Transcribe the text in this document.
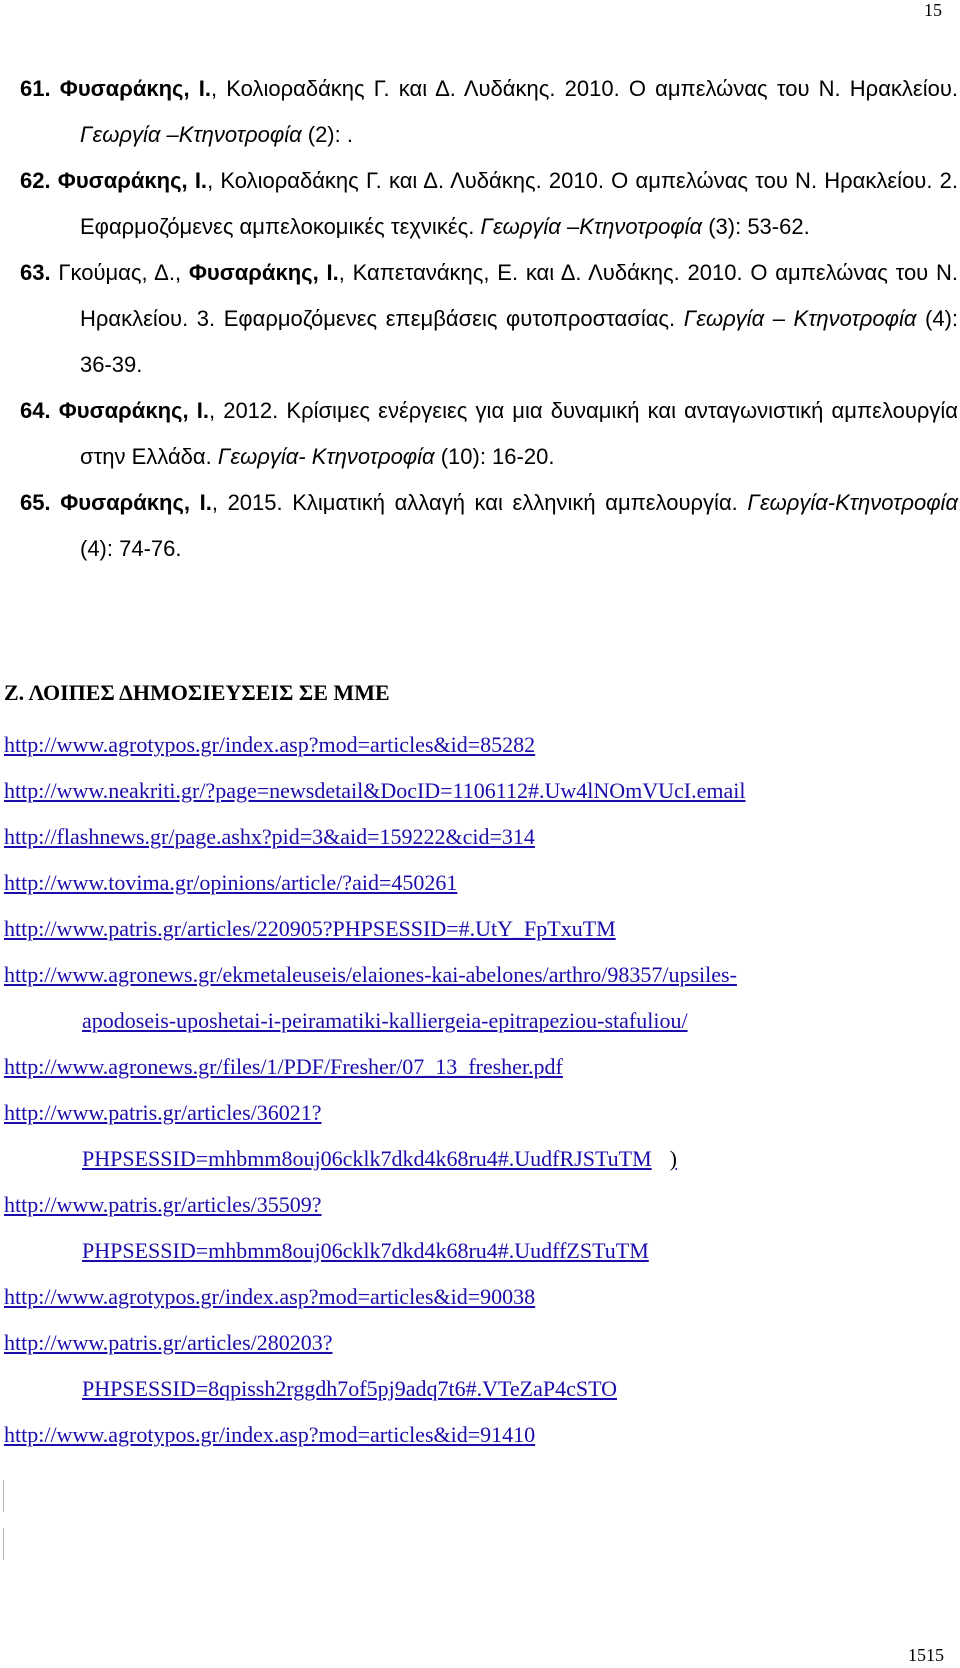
15
61. Φυσαράκης, Ι., Κολιοραδάκης Γ. και Δ. Λυδάκης. 2010. Ο αμπελώνας του Ν. Ηρακλείου. Γεωργία –Κτηνοτροφία (2): .
62. Φυσαράκης, Ι., Κολιοραδάκης Γ. και Δ. Λυδάκης. 2010. Ο αμπελώνας του Ν. Ηρακλείου. 2. Εφαρμοζόμενες αμπελοκομικές τεχνικές. Γεωργία –Κτηνοτροφία (3): 53-62.
63. Γκούμας, Δ., Φυσαράκης, Ι., Καπετανάκης, Ε. και Δ. Λυδάκης. 2010. Ο αμπελώνας του Ν. Ηρακλείου. 3. Εφαρμοζόμενες επεμβάσεις φυτοπροστασίας. Γεωργία – Κτηνοτροφία (4): 36-39.
64. Φυσαράκης, Ι., 2012. Κρίσιμες ενέργειες για μια δυναμική και ανταγωνιστική αμπελουργία στην Ελλάδα. Γεωργία- Κτηνοτροφία (10): 16-20.
65. Φυσαράκης, Ι., 2015. Κλιματική αλλαγή και ελληνική αμπελουργία. Γεωργία-Κτηνοτροφία (4): 74-76.
Ζ. ΛΟΙΠΕΣ ΔΗΜΟΣΙΕΥΣΕΙΣ ΣΕ ΜΜΕ
http://www.agrotypos.gr/index.asp?mod=articles&id=85282
http://www.neakriti.gr/?page=newsdetail&DocID=1106112#.Uw4lNOmVUcI.email
http://flashnews.gr/page.ashx?pid=3&aid=159222&cid=314
http://www.tovima.gr/opinions/article/?aid=450261
http://www.patris.gr/articles/220905?PHPSESSID=#.UtY_FpTxuTM
http://www.agronews.gr/ekmetaleuseis/elaiones-kai-abelones/arthro/98357/upsiles-
apodoseis-uposhetai-i-peiramatiki-kalliergeia-epitrapeziou-stafuliou/
http://www.agronews.gr/files/1/PDF/Fresher/07_13_fresher.pdf
http://www.patris.gr/articles/36021?
PHPSESSID=mhbmm8ouj06cklk7dkd4k68ru4#.UudfRJSTuTM )
http://www.patris.gr/articles/35509?
PHPSESSID=mhbmm8ouj06cklk7dkd4k68ru4#.UudffZSTuTM
http://www.agrotypos.gr/index.asp?mod=articles&id=90038
http://www.patris.gr/articles/280203?
PHPSESSID=8qpissh2rggdh7of5pj9adq7t6#.VTeZaP4cSTO
http://www.agrotypos.gr/index.asp?mod=articles&id=91410
1515
